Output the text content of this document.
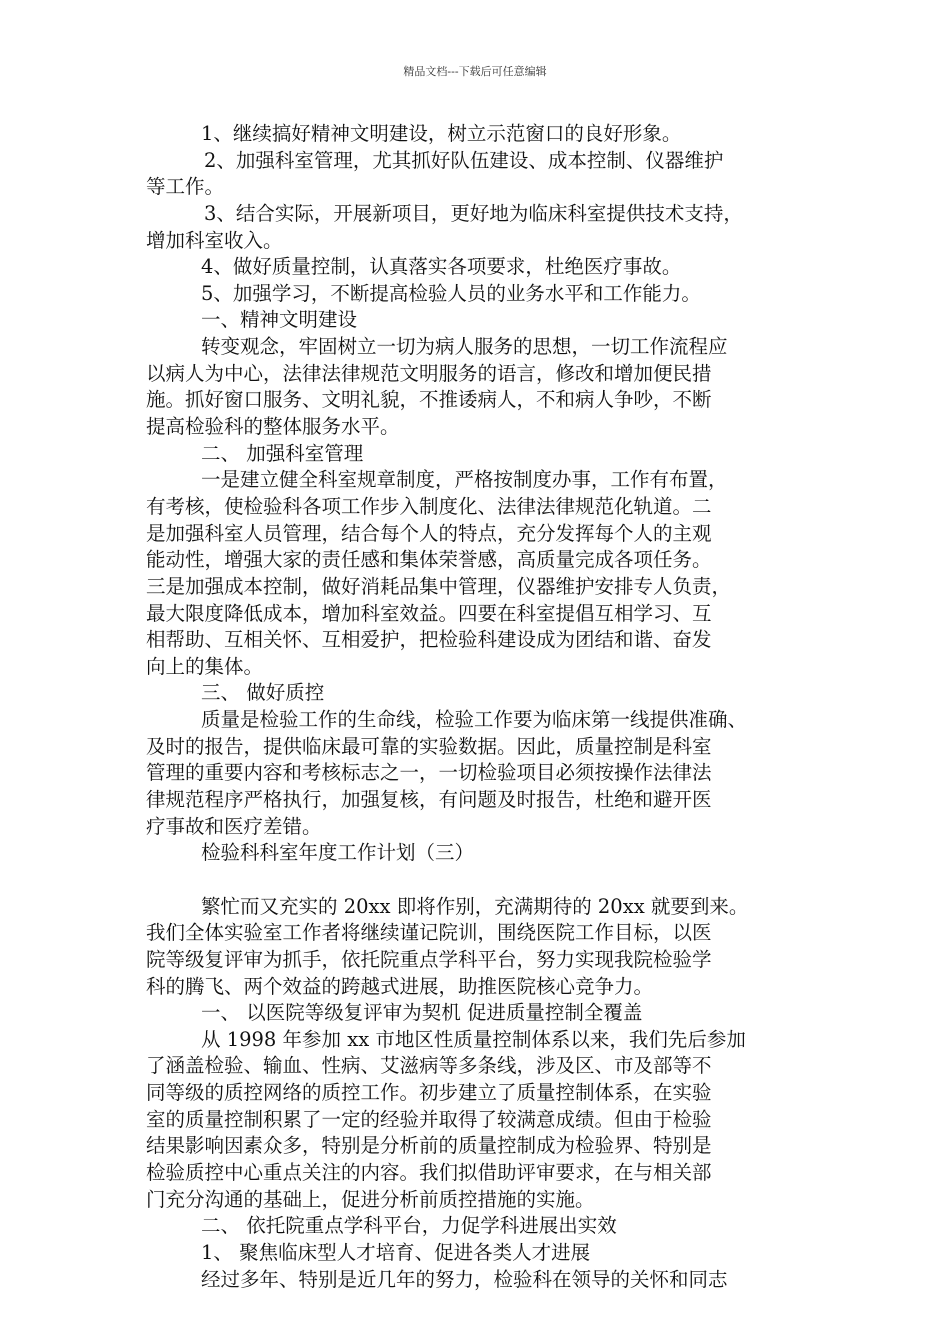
精品文档---下载后可任意编辑
1、继续搞好精神文明建设，树立示范窗口的良好形象。
2、加强科室管理，尤其抓好队伍建设、成本控制、仪器维护
等工作。
3、结合实际，开展新项目，更好地为临床科室提供技术支持，
增加科室收入。
4、做好质量控制，认真落实各项要求，杜绝医疗事故。
5、加强学习，不断提高检验人员的业务水平和工作能力。
一、精神文明建设
转变观念，牢固树立一切为病人服务的思想，一切工作流程应
以病人为中心，法律法律规范文明服务的语言，修改和增加便民措
施。抓好窗口服务、文明礼貌，不推诿病人，不和病人争吵，不断
提高检验科的整体服务水平。
二、 加强科室管理
一是建立健全科室规章制度，严格按制度办事，工作有布置，
有考核，使检验科各项工作步入制度化、法律法律规范化轨道。二
是加强科室人员管理，结合每个人的特点，充分发挥每个人的主观
能动性，增强大家的责任感和集体荣誉感，高质量完成各项任务。
三是加强成本控制，做好消耗品集中管理，仪器维护安排专人负责，
最大限度降低成本，增加科室效益。四要在科室提倡互相学习、互
相帮助、互相关怀、互相爱护，把检验科建设成为团结和谐、奋发
向上的集体。
三、 做好质控
质量是检验工作的生命线，检验工作要为临床第一线提供准确、
及时的报告，提供临床最可靠的实验数据。因此，质量控制是科室
管理的重要内容和考核标志之一，一切检验项目必须按操作法律法
律规范程序严格执行，加强复核，有问题及时报告，杜绝和避开医
疗事故和医疗差错。
检验科科室年度工作计划（三）
繁忙而又充实的 20xx 即将作别，充满期待的 20xx 就要到来。
我们全体实验室工作者将继续谨记院训，围绕医院工作目标，以医
院等级复评审为抓手，依托院重点学科平台，努力实现我院检验学
科的腾飞、两个效益的跨越式进展，助推医院核心竞争力。
一、 以医院等级复评审为契机 促进质量控制全覆盖
从 1998 年参加 xx 市地区性质量控制体系以来，我们先后参加
了涵盖检验、输血、性病、艾滋病等多条线，涉及区、市及部等不
同等级的质控网络的质控工作。初步建立了质量控制体系，在实验
室的质量控制积累了一定的经验并取得了较满意成绩。但由于检验
结果影响因素众多，特别是分析前的质量控制成为检验界、特别是
检验质控中心重点关注的内容。我们拟借助评审要求，在与相关部
门充分沟通的基础上，促进分析前质控措施的实施。
二、 依托院重点学科平台，力促学科进展出实效
1、 聚焦临床型人才培育、促进各类人才进展
经过多年、特别是近几年的努力，检验科在领导的关怀和同志
